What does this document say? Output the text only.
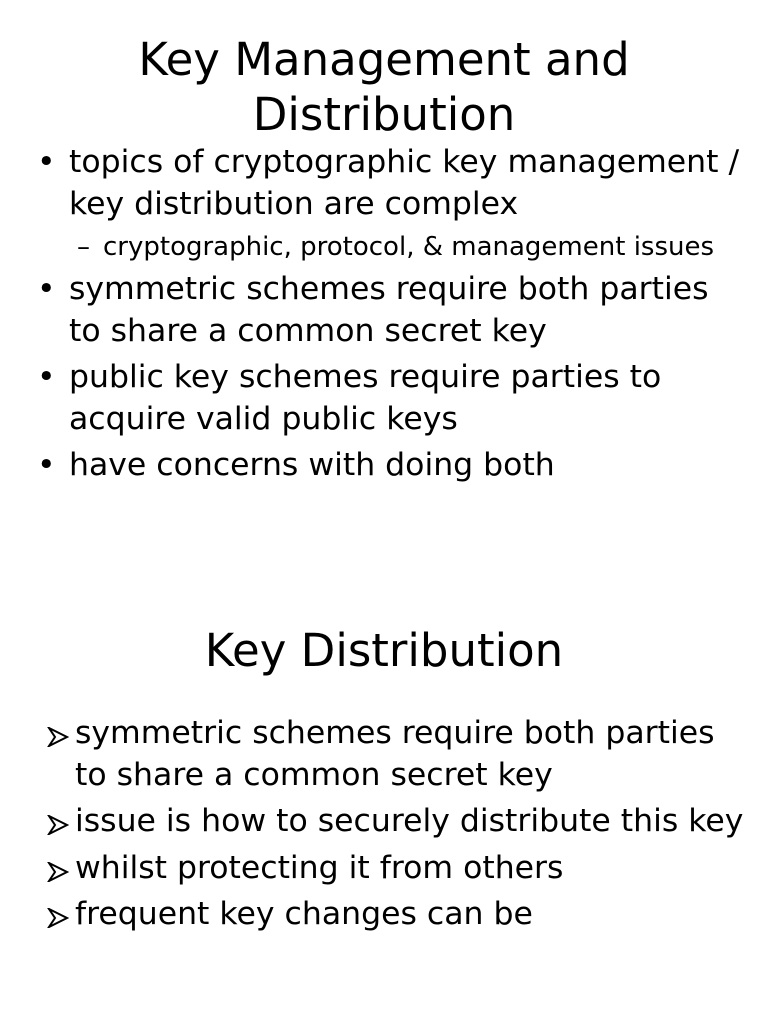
Key Management and
Distribution
• topics of cryptographic key management / key distribution are complex
– cryptographic, protocol, & management issues
• symmetric schemes require both parties to share a common secret key
• public key schemes require parties to acquire valid public keys
• have concerns with doing both
Key Distribution
symmetric schemes require both parties to share a common secret key
issue is how to securely distribute this key
whilst protecting it from others
frequent key changes can be
